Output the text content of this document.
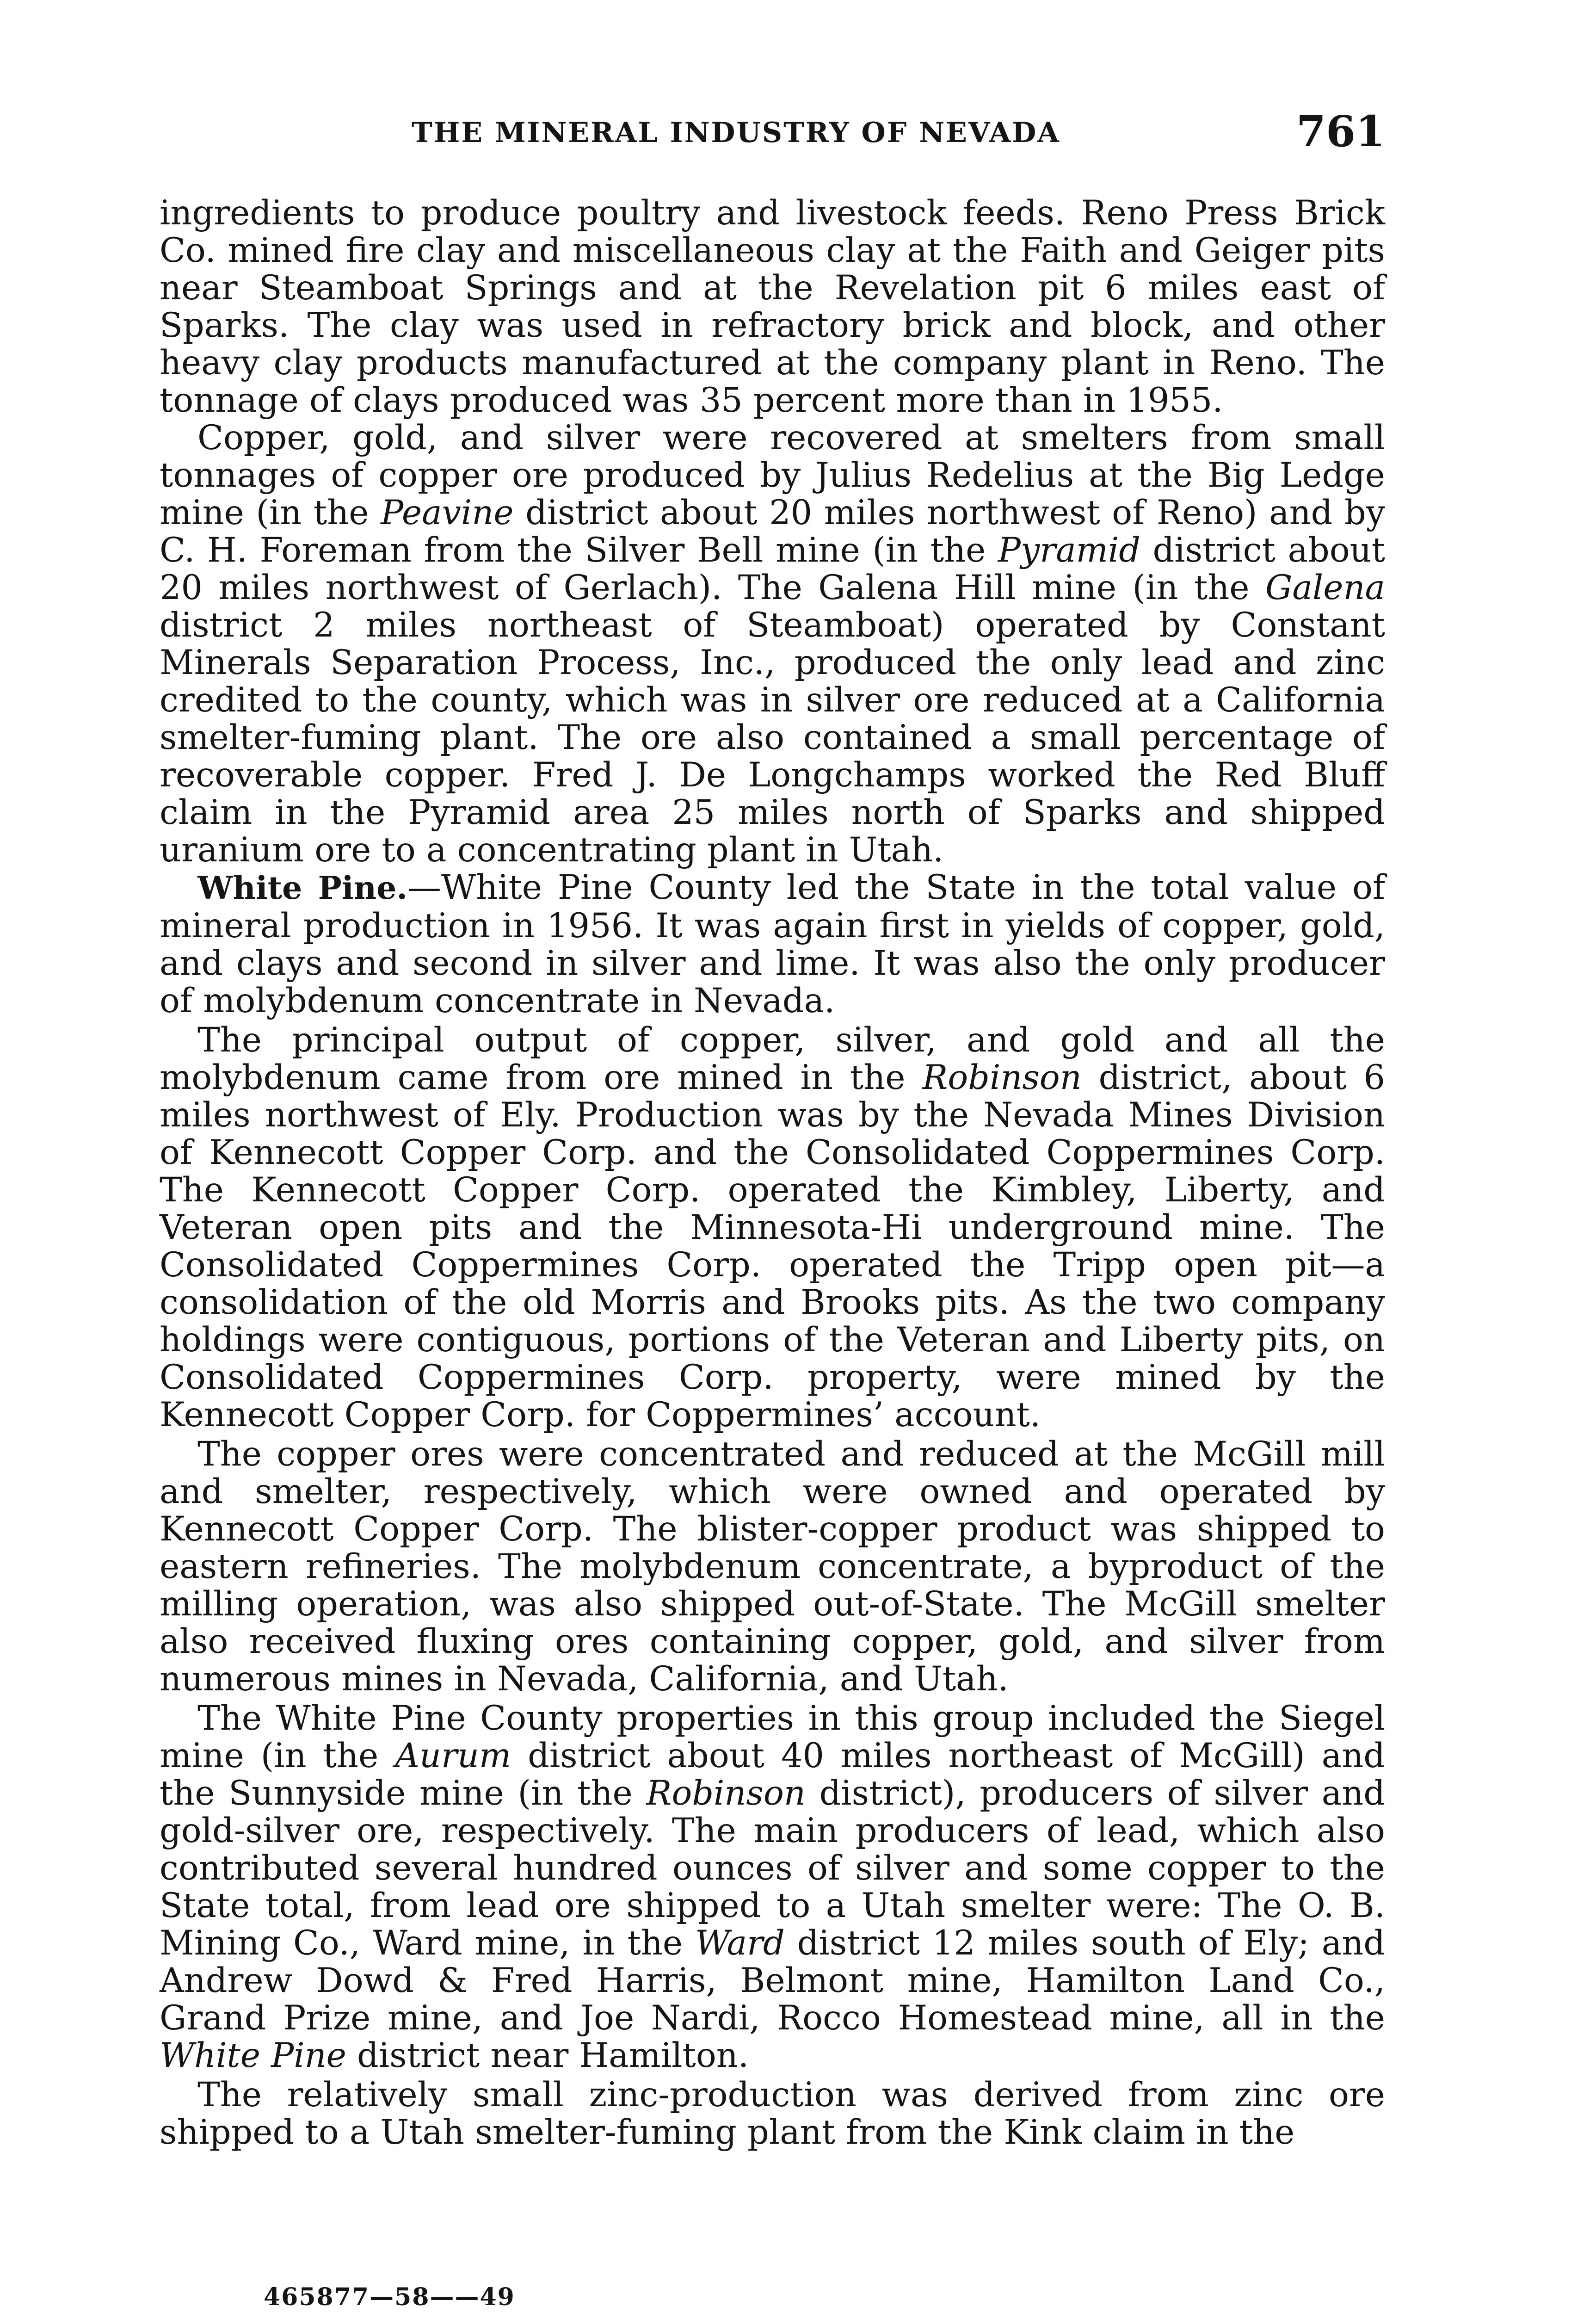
THE MINERAL INDUSTRY OF NEVADA	761

ingredients to produce poultry and livestock feeds. Reno Press Brick Co. mined fire clay and miscellaneous clay at the Faith and Geiger pits near Steamboat Springs and at the Revelation pit 6 miles east of Sparks. The clay was used in refractory brick and block, and other heavy clay products manufactured at the company plant in Reno. The tonnage of clays produced was 35 percent more than in 1955.

Copper, gold, and silver were recovered at smelters from small tonnages of copper ore produced by Julius Redelius at the Big Ledge mine (in the Peavine district about 20 miles northwest of Reno) and by C. H. Foreman from the Silver Bell mine (in the Pyramid district about 20 miles northwest of Gerlach). The Galena Hill mine (in the Galena district 2 miles northeast of Steamboat) operated by Constant Minerals Separation Process, Inc., produced the only lead and zinc credited to the county, which was in silver ore reduced at a California smelter-fuming plant. The ore also contained a small percentage of recoverable copper. Fred J. De Longchamps worked the Red Bluff claim in the Pyramid area 25 miles north of Sparks and shipped uranium ore to a concentrating plant in Utah.

White Pine.—White Pine County led the State in the total value of mineral production in 1956. It was again first in yields of copper, gold, and clays and second in silver and lime. It was also the only producer of molybdenum concentrate in Nevada.

The principal output of copper, silver, and gold and all the molybdenum came from ore mined in the Robinson district, about 6 miles northwest of Ely. Production was by the Nevada Mines Division of Kennecott Copper Corp. and the Consolidated Coppermines Corp. The Kennecott Copper Corp. operated the Kimbley, Liberty, and Veteran open pits and the Minnesota-Hi underground mine. The Consolidated Coppermines Corp. operated the Tripp open pit—a consolidation of the old Morris and Brooks pits. As the two company holdings were contiguous, portions of the Veteran and Liberty pits, on Consolidated Coppermines Corp. property, were mined by the Kennecott Copper Corp. for Coppermines’ account.

The copper ores were concentrated and reduced at the McGill mill and smelter, respectively, which were owned and operated by Kennecott Copper Corp. The blister-copper product was shipped to eastern refineries. The molybdenum concentrate, a byproduct of the milling operation, was also shipped out-of-State. The McGill smelter also received fluxing ores containing copper, gold, and silver from numerous mines in Nevada, California, and Utah.

The White Pine County properties in this group included the Siegel mine (in the Aurum district about 40 miles northeast of McGill) and the Sunnyside mine (in the Robinson district), producers of silver and gold-silver ore, respectively. The main producers of lead, which also contributed several hundred ounces of silver and some copper to the State total, from lead ore shipped to a Utah smelter were: The O. B. Mining Co., Ward mine, in the Ward district 12 miles south of Ely; and Andrew Dowd & Fred Harris, Belmont mine, Hamilton Land Co., Grand Prize mine, and Joe Nardi, Rocco Homestead mine, all in the White Pine district near Hamilton.

The relatively small zinc-production was derived from zinc ore shipped to a Utah smelter-fuming plant from the Kink claim in the

465877—58——49
